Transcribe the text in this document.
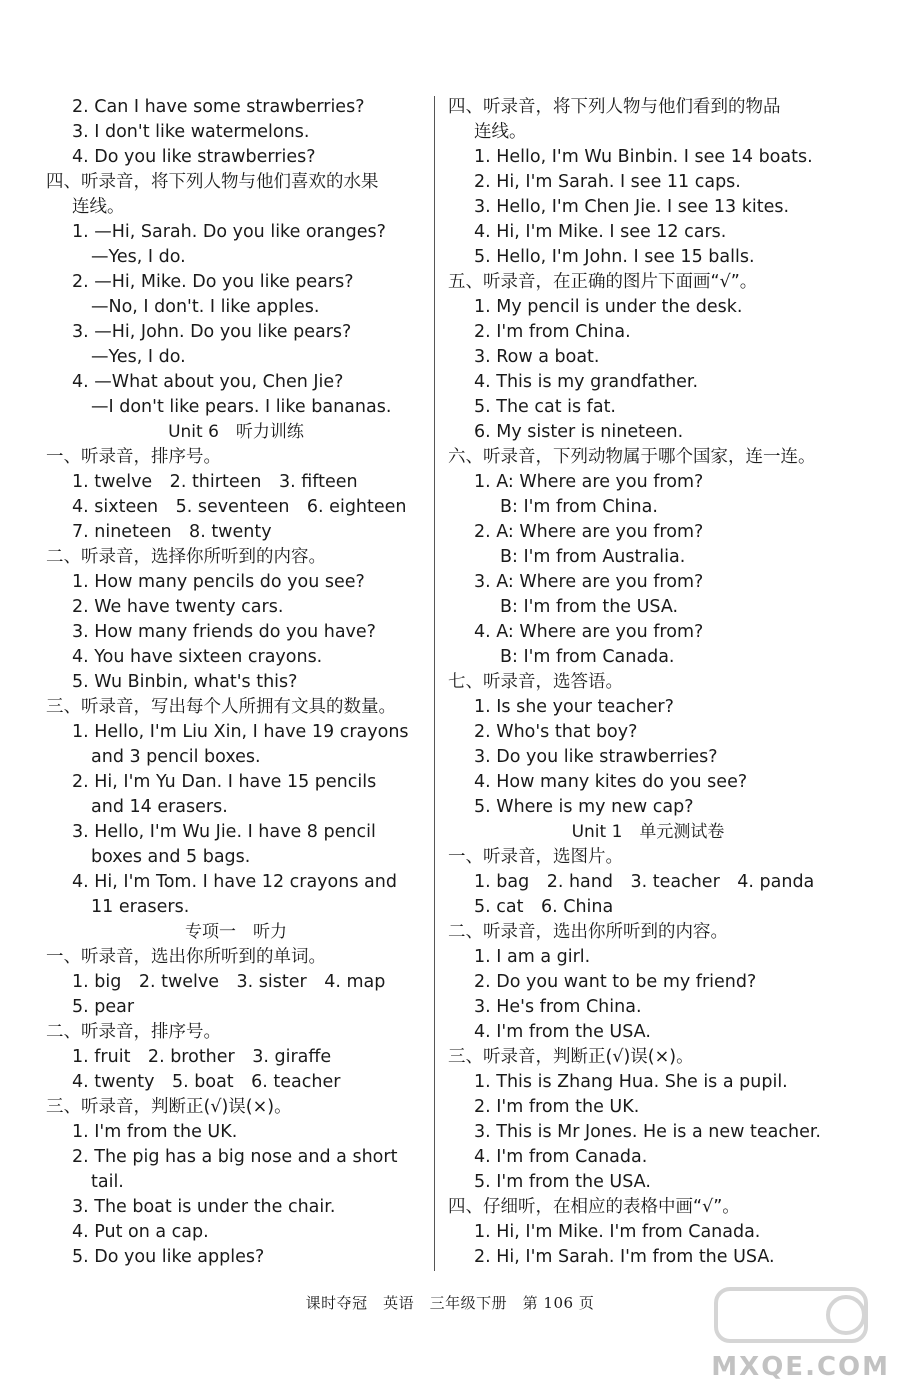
2. Can I have some strawberries?
3. I don't like watermelons.
4. Do you like strawberries?
四、听录音，将下列人物与他们喜欢的水果
连线。
1. —Hi, Sarah. Do you like oranges?
—Yes, I do.
2. —Hi, Mike. Do you like pears?
—No, I don't. I like apples.
3. —Hi, John. Do you like pears?
—Yes, I do.
4. —What about you, Chen Jie?
—I don't like pears. I like bananas.
Unit 6　听力训练
一、听录音，排序号。
1. twelve　2. thirteen　3. fifteen
4. sixteen　5. seventeen　6. eighteen
7. nineteen　8. twenty
二、听录音，选择你所听到的内容。
1. How many pencils do you see?
2. We have twenty cars.
3. How many friends do you have?
4. You have sixteen crayons.
5. Wu Binbin, what's this?
三、听录音，写出每个人所拥有文具的数量。
1. Hello, I'm Liu Xin, I have 19 crayons
and 3 pencil boxes.
2. Hi, I'm Yu Dan. I have 15 pencils
and 14 erasers.
3. Hello, I'm Wu Jie. I have 8 pencil
boxes and 5 bags.
4. Hi, I'm Tom. I have 12 crayons and
11 erasers.
专项一　听力
一、听录音，选出你所听到的单词。
1. big　2. twelve　3. sister　4. map
5. pear
二、听录音，排序号。
1. fruit　2. brother　3. giraffe
4. twenty　5. boat　6. teacher
三、听录音，判断正(√)误(×)。
1. I'm from the UK.
2. The pig has a big nose and a short
tail.
3. The boat is under the chair.
4. Put on a cap.
5. Do you like apples?
四、听录音，将下列人物与他们看到的物品
连线。
1. Hello, I'm Wu Binbin. I see 14 boats.
2. Hi, I'm Sarah. I see 11 caps.
3. Hello, I'm Chen Jie. I see 13 kites.
4. Hi, I'm Mike. I see 12 cars.
5. Hello, I'm John. I see 15 balls.
五、听录音，在正确的图片下面画“√”。
1. My pencil is under the desk.
2. I'm from China.
3. Row a boat.
4. This is my grandfather.
5. The cat is fat.
6. My sister is nineteen.
六、听录音，下列动物属于哪个国家，连一连。
1. A: Where are you from?
B: I'm from China.
2. A: Where are you from?
B: I'm from Australia.
3. A: Where are you from?
B: I'm from the USA.
4. A: Where are you from?
B: I'm from Canada.
七、听录音，选答语。
1. Is she your teacher?
2. Who's that boy?
3. Do you like strawberries?
4. How many kites do you see?
5. Where is my new cap?
Unit 1　单元测试卷
一、听录音，选图片。
1. bag　2. hand　3. teacher　4. panda
5. cat　6. China
二、听录音，选出你所听到的内容。
1. I am a girl.
2. Do you want to be my friend?
3. He's from China.
4. I'm from the USA.
三、听录音，判断正(√)误(×)。
1. This is Zhang Hua. She is a pupil.
2. I'm from the UK.
3. This is Mr Jones. He is a new teacher.
4. I'm from Canada.
5. I'm from the USA.
四、仔细听，在相应的表格中画“√”。
1. Hi, I'm Mike. I'm from Canada.
2. Hi, I'm Sarah. I'm from the USA.
课时夺冠　英语　三年级下册　第 106 页
MXQE.COM
